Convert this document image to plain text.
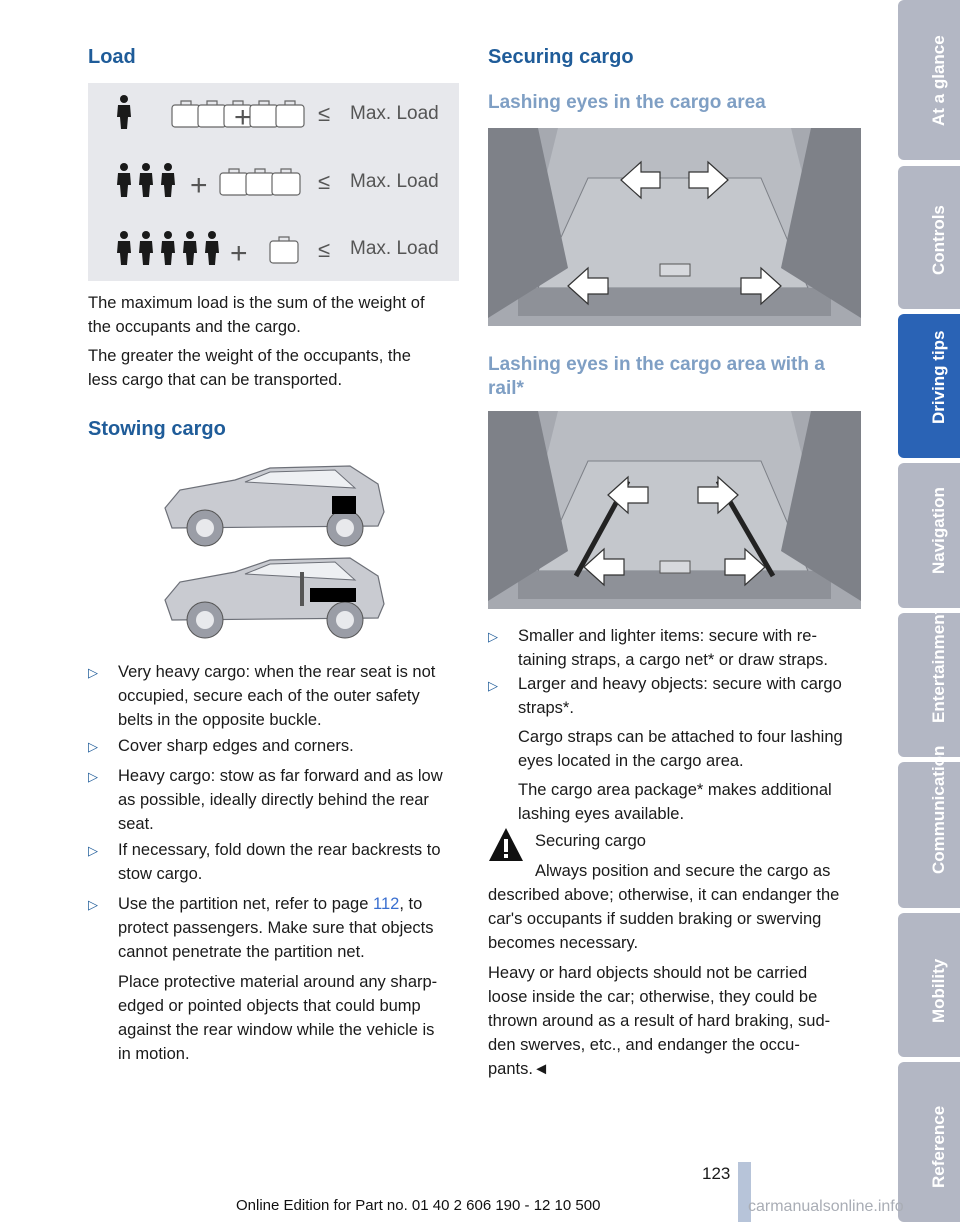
Load
+
+
+
≤
≤
≤
Max. Load
Max. Load
Max. Load
The maximum load is the sum of the weight of
the occupants and the cargo.
The greater the weight of the occupants, the
less cargo that can be transported.
Stowing cargo
▷ Very heavy cargo: when the rear seat is not
occupied, secure each of the outer safety
belts in the opposite buckle.
▷ Cover sharp edges and corners.
▷ Heavy cargo: stow as far forward and as low
as possible, ideally directly behind the rear
seat.
▷ If necessary, fold down the rear backrests to
stow cargo.
▷ Use the partition net, refer to page 112, to
protect passengers. Make sure that objects
cannot penetrate the partition net.
Place protective material around any sharp-
edged or pointed objects that could bump
against the rear window while the vehicle is
in motion.
Securing cargo
Lashing eyes in the cargo area
Lashing eyes in the cargo area with a
rail*
▷ Smaller and lighter items: secure with re-
taining straps, a cargo net* or draw straps.
▷ Larger and heavy objects: secure with cargo
straps*.
Cargo straps can be attached to four lashing
eyes located in the cargo area.
The cargo area package* makes additional
lashing eyes available.
Securing cargo
Always position and secure the cargo as
described above; otherwise, it can endanger the
car's occupants if sudden braking or swerving
becomes necessary.
Heavy or hard objects should not be carried
loose inside the car; otherwise, they could be
thrown around as a result of hard braking, sud-
den swerves, etc., and endanger the occu-
pants.◄
At a glance
Controls
Driving tips
Navigation
Entertainment
Communication
Mobility
Reference
123
Online Edition for Part no. 01 40 2 606 190 - 12 10 500	carmanualsonline.info
